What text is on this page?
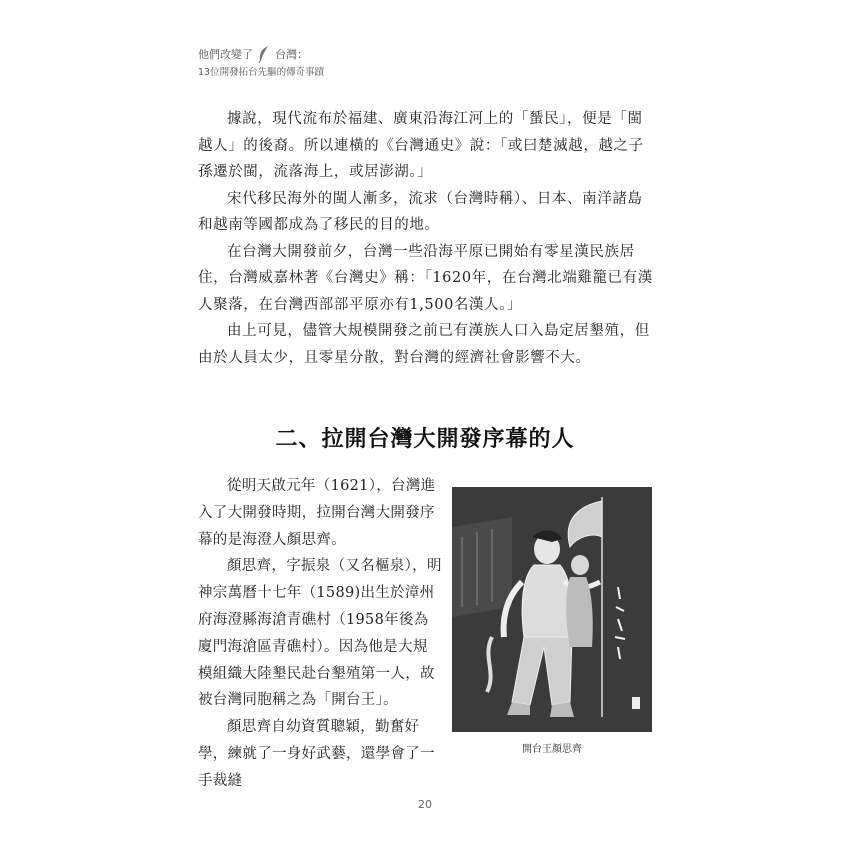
他們改變了 台灣：
13位開發拓台先驅的傳奇事蹟

據說，現代流布於福建、廣東沿海江河上的「蜑民」，便是「閩越人」的後裔。所以連橫的《台灣通史》說：「或曰楚滅越，越之子孫遷於閩，流落海上，或居澎湖。」

宋代移民海外的閩人漸多，流求（台灣時稱）、日本、南洋諸島和越南等國都成為了移民的目的地。

在台灣大開發前夕，台灣一些沿海平原已開始有零星漢民族居住，台灣威嘉林著《台灣史》稱：「1620年，在台灣北端雞籠已有漢人聚落，在台灣西部部平原亦有1,500名漢人。」

由上可見，儘管大規模開發之前已有漢族人口入島定居墾殖，但由於人員太少，且零星分散，對台灣的經濟社會影響不大。

二、拉開台灣大開發序幕的人

從明天啟元年（1621），台灣進入了大開發時期，拉開台灣大開發序幕的是海澄人顏思齊。

顏思齊，字振泉（又名樞泉），明神宗萬曆十七年（1589)出生於漳州府海澄縣海滄青礁村（1958年後為廈門海滄區青礁村）。因為他是大規模組織大陸墾民赴台墾殖第一人，故被台灣同胞稱之為「開台王」。

顏思齊自幼資質聰穎，勤奮好學，練就了一身好武藝，還學會了一手裁縫

開台王顏思齊
20
